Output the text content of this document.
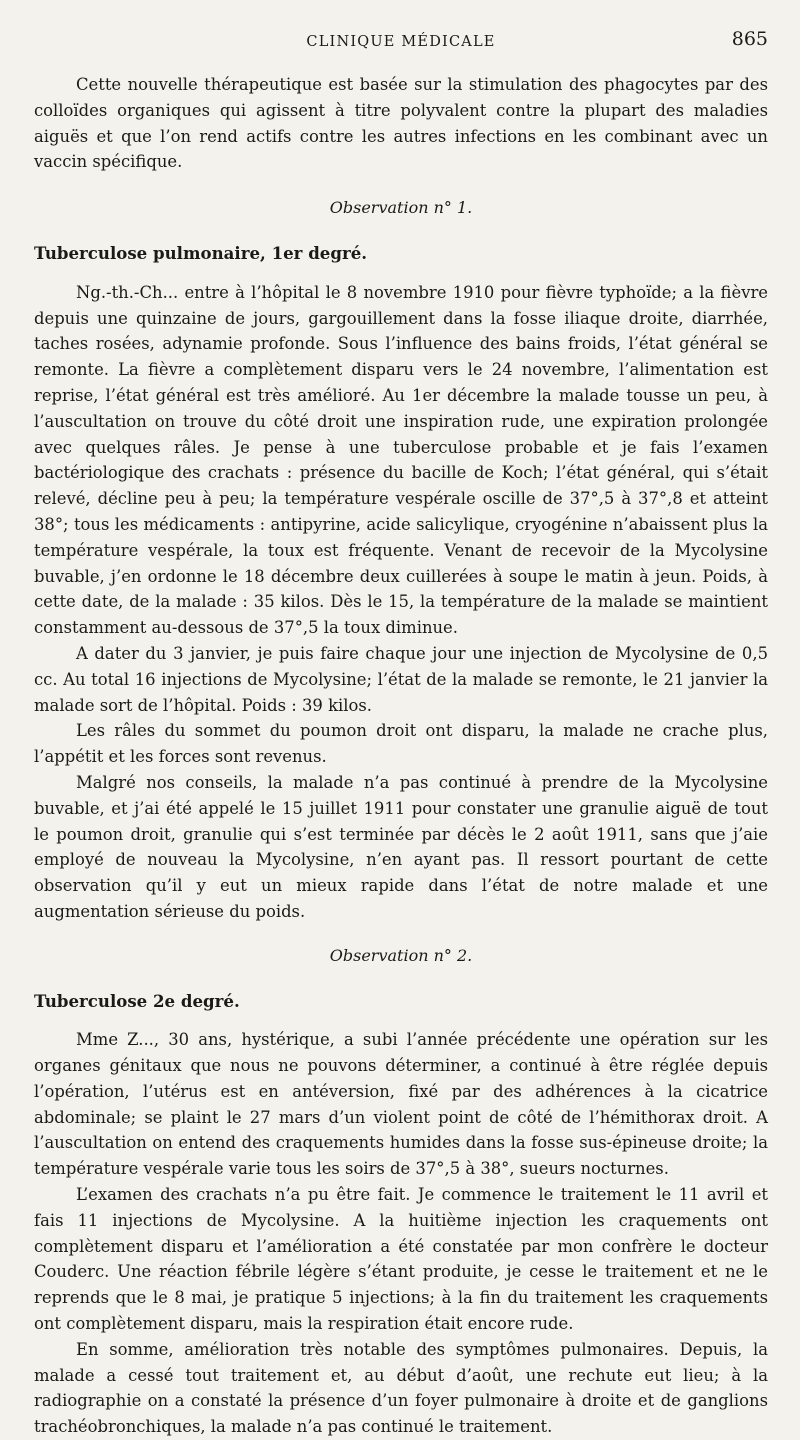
CLINIQUE MÉDICALE	865

Cette nouvelle thérapeutique est basée sur la stimulation des phagocytes par des colloïdes organiques qui agissent à titre polyvalent contre la plupart des maladies aiguës et que l’on rend actifs contre les autres infections en les combinant avec un vaccin spécifique.

Observation n° 1.
Tuberculose pulmonaire, 1er degré.

Ng.-th.-Ch... entre à l’hôpital le 8 novembre 1910 pour fièvre typhoïde; a la fièvre depuis une quinzaine de jours, gargouillement dans la fosse iliaque droite, diarrhée, taches rosées, adynamie profonde. Sous l’influence des bains froids, l’état général se remonte. La fièvre a complètement disparu vers le 24 novembre, l’alimentation est reprise, l’état général est très amélioré. Au 1er décembre la malade tousse un peu, à l’auscultation on trouve du côté droit une inspiration rude, une expiration prolongée avec quelques râles. Je pense à une tuberculose probable et je fais l’examen bactériologique des crachats : présence du bacille de Koch; l’état général, qui s’était relevé, décline peu à peu; la température vespérale oscille de 37°,5 à 37°,8 et atteint 38°; tous les médicaments : antipyrine, acide salicylique, cryogénine n’abaissent plus la température vespérale, la toux est fréquente. Venant de recevoir de la Mycolysine buvable, j’en ordonne le 18 décembre deux cuillerées à soupe le matin à jeun. Poids, à cette date, de la malade : 35 kilos. Dès le 15, la température de la malade se maintient constamment au-dessous de 37°,5 la toux diminue.

A dater du 3 janvier, je puis faire chaque jour une injection de Mycolysine de 0,5 cc. Au total 16 injections de Mycolysine; l’état de la malade se remonte, le 21 janvier la malade sort de l’hôpital. Poids : 39 kilos.

Les râles du sommet du poumon droit ont disparu, la malade ne crache plus, l’appétit et les forces sont revenus.

Malgré nos conseils, la malade n’a pas continué à prendre de la Mycolysine buvable, et j’ai été appelé le 15 juillet 1911 pour constater une granulie aiguë de tout le poumon droit, granulie qui s’est terminée par décès le 2 août 1911, sans que j’aie employé de nouveau la Mycolysine, n’en ayant pas. Il ressort pourtant de cette observation qu’il y eut un mieux rapide dans l’état de notre malade et une augmentation sérieuse du poids.

Observation n° 2.
Tuberculose 2e degré.

Mme Z..., 30 ans, hystérique, a subi l’année précédente une opération sur les organes génitaux que nous ne pouvons déterminer, a continué à être réglée depuis l’opération, l’utérus est en antéversion, fixé par des adhérences à la cicatrice abdominale; se plaint le 27 mars d’un violent point de côté de l’hémithorax droit. A l’auscultation on entend des craquements humides dans la fosse sus-épineuse droite; la température vespérale varie tous les soirs de 37°,5 à 38°, sueurs nocturnes.

L’examen des crachats n’a pu être fait. Je commence le traitement le 11 avril et fais 11 injections de Mycolysine. A la huitième injection les craquements ont complètement disparu et l’amélioration a été constatée par mon confrère le docteur Couderc. Une réaction fébrile légère s’étant produite, je cesse le traitement et ne le reprends que le 8 mai, je pratique 5 injections; à la fin du traitement les craquements ont complètement disparu, mais la respiration était encore rude.

En somme, amélioration très notable des symptômes pulmonaires. Depuis, la malade a cessé tout traitement et, au début d’août, une rechute eut lieu; à la radiographie on a constaté la présence d’un foyer pulmonaire à droite et de ganglions trachéobronchiques, la malade n’a pas continué le traitement.
